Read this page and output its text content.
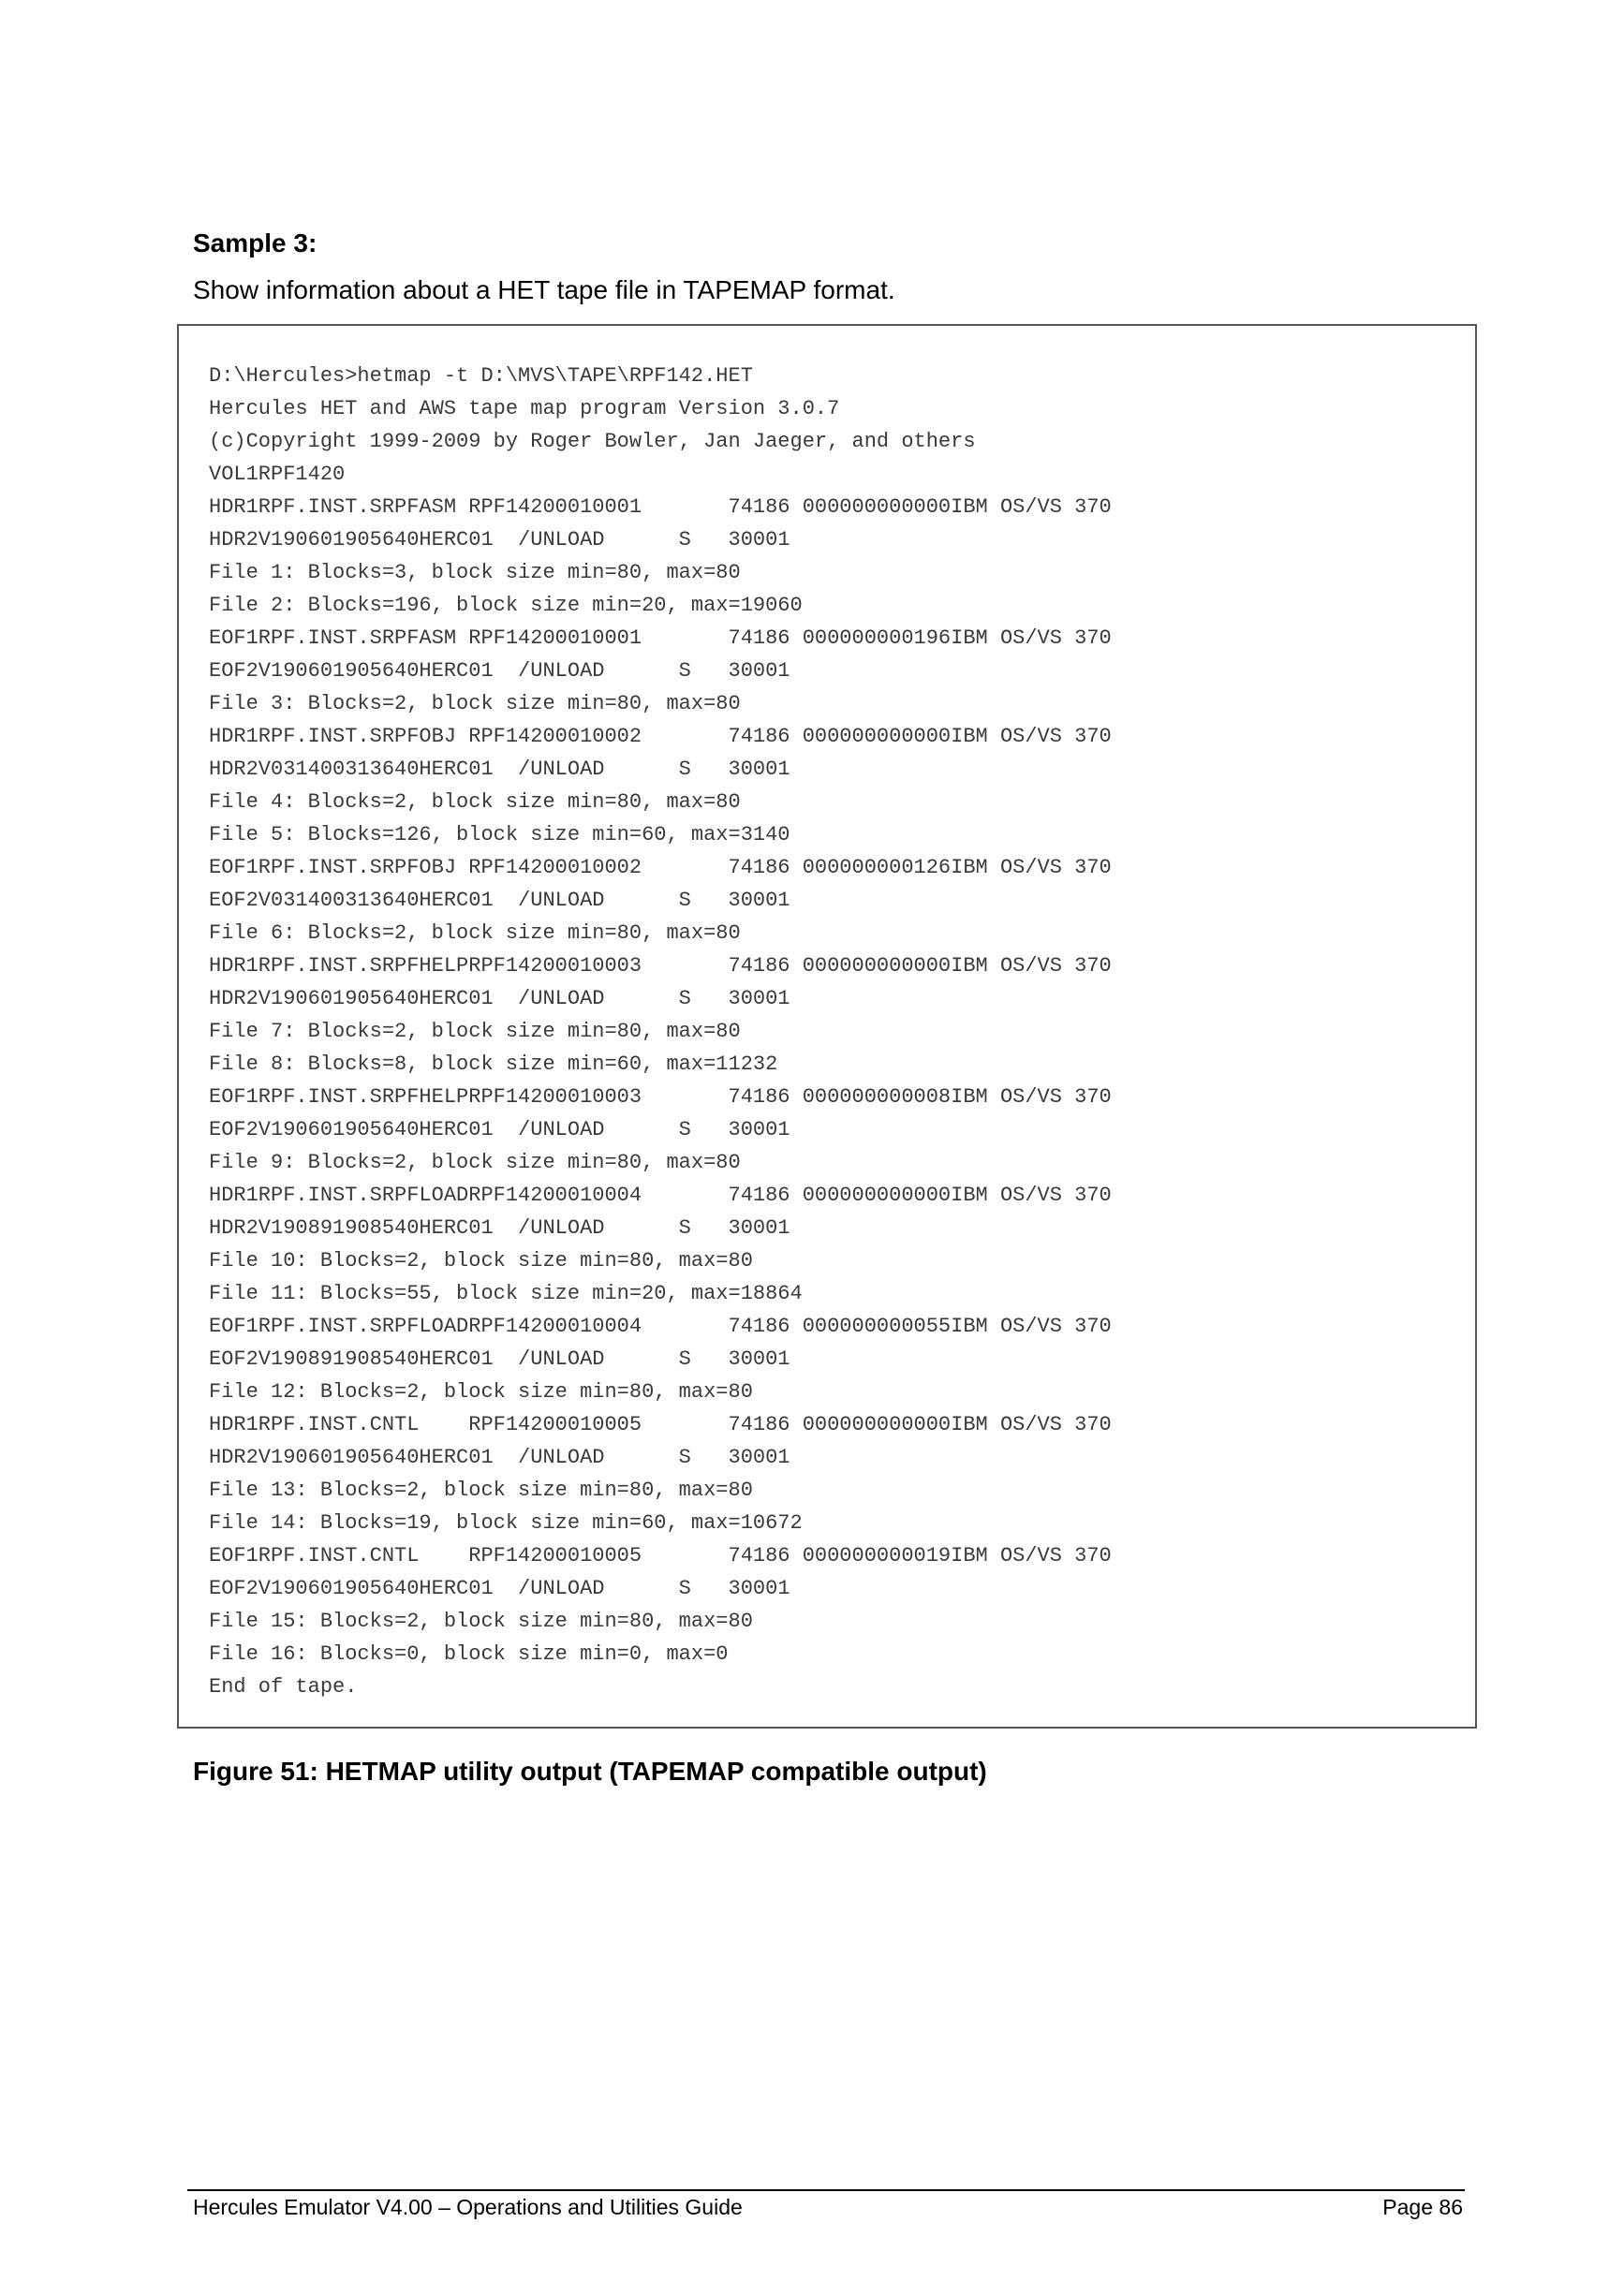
Sample 3:

Show information about a HET tape file in TAPEMAP format.

D:\Hercules>hetmap -t D:\MVS\TAPE\RPF142.HET
Hercules HET and AWS tape map program Version 3.0.7
(c)Copyright 1999-2009 by Roger Bowler, Jan Jaeger, and others
VOL1RPF1420
HDR1RPF.INST.SRPFASM RPF14200010001       74186 000000000000IBM OS/VS 370
HDR2V190601905640HERC01  /UNLOAD      S   30001
File 1: Blocks=3, block size min=80, max=80
File 2: Blocks=196, block size min=20, max=19060
EOF1RPF.INST.SRPFASM RPF14200010001       74186 000000000196IBM OS/VS 370
EOF2V190601905640HERC01  /UNLOAD      S   30001
File 3: Blocks=2, block size min=80, max=80
HDR1RPF.INST.SRPFOBJ RPF14200010002       74186 000000000000IBM OS/VS 370
HDR2V031400313640HERC01  /UNLOAD      S   30001
File 4: Blocks=2, block size min=80, max=80
File 5: Blocks=126, block size min=60, max=3140
EOF1RPF.INST.SRPFOBJ RPF14200010002       74186 000000000126IBM OS/VS 370
EOF2V031400313640HERC01  /UNLOAD      S   30001
File 6: Blocks=2, block size min=80, max=80
HDR1RPF.INST.SRPFHELPRPF14200010003       74186 000000000000IBM OS/VS 370
HDR2V190601905640HERC01  /UNLOAD      S   30001
File 7: Blocks=2, block size min=80, max=80
File 8: Blocks=8, block size min=60, max=11232
EOF1RPF.INST.SRPFHELPRPF14200010003       74186 000000000008IBM OS/VS 370
EOF2V190601905640HERC01  /UNLOAD      S   30001
File 9: Blocks=2, block size min=80, max=80
HDR1RPF.INST.SRPFLOADRPF14200010004       74186 000000000000IBM OS/VS 370
HDR2V190891908540HERC01  /UNLOAD      S   30001
File 10: Blocks=2, block size min=80, max=80
File 11: Blocks=55, block size min=20, max=18864
EOF1RPF.INST.SRPFLOADRPF14200010004       74186 000000000055IBM OS/VS 370
EOF2V190891908540HERC01  /UNLOAD      S   30001
File 12: Blocks=2, block size min=80, max=80
HDR1RPF.INST.CNTL    RPF14200010005       74186 000000000000IBM OS/VS 370
HDR2V190601905640HERC01  /UNLOAD      S   30001
File 13: Blocks=2, block size min=80, max=80
File 14: Blocks=19, block size min=60, max=10672
EOF1RPF.INST.CNTL    RPF14200010005       74186 000000000019IBM OS/VS 370
EOF2V190601905640HERC01  /UNLOAD      S   30001
File 15: Blocks=2, block size min=80, max=80
File 16: Blocks=0, block size min=0, max=0
End of tape.

Figure 51: HETMAP utility output (TAPEMAP compatible output)

Hercules Emulator V4.00 – Operations and Utilities Guide	Page 86
